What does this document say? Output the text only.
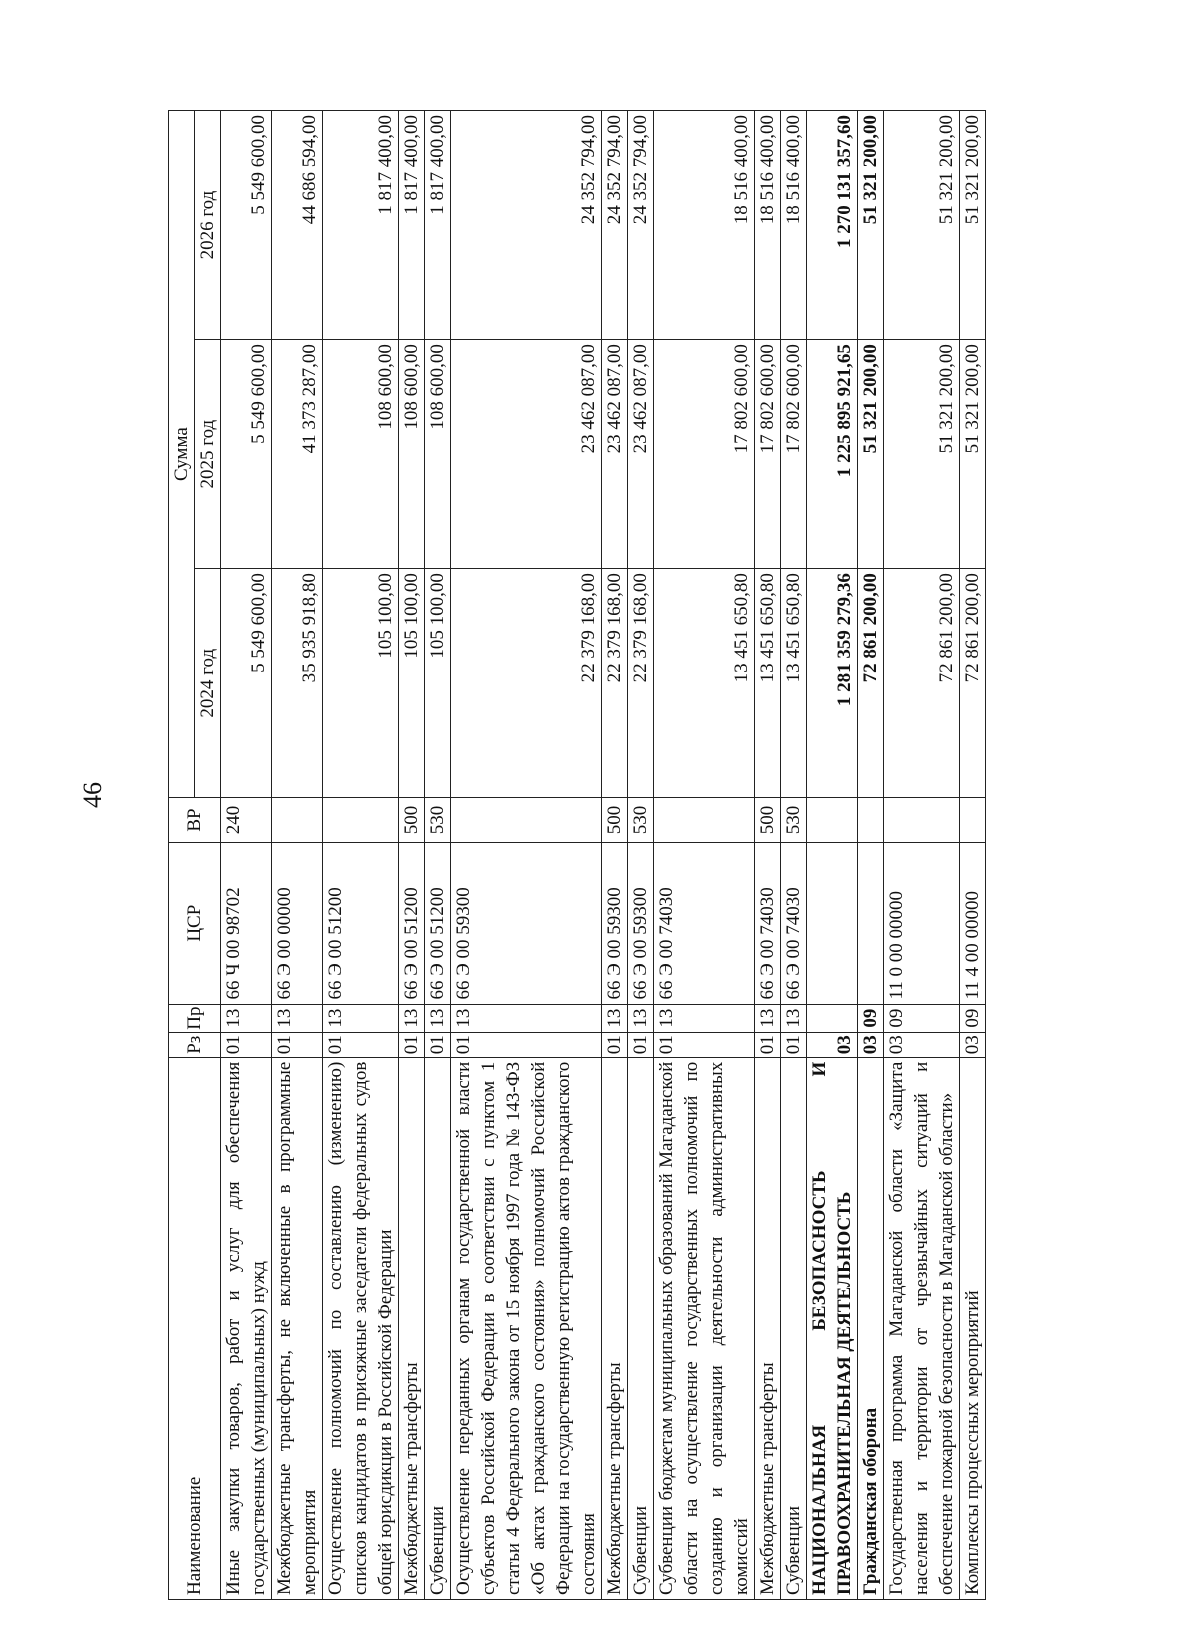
46
Наименование	Рз	Пр	ЦСР	ВР	Сумма		
					2024 год	2025 год	2026 год
Иные закупки товаров, работ и услуг для обеспечения государственных (муниципальных) нужд	01	13	66 Ч 00 98702	240	5 549 600,00	5 549 600,00	5 549 600,00
Межбюджетные трансферты, не включенные в программные мероприятия	01	13	66 Э 00 00000		35 935 918,80	41 373 287,00	44 686 594,00
Осуществление полномочий по составлению (изменению) списков кандидатов в присяжные заседатели федеральных судов общей юрисдикции в Российской Федерации	01	13	66 Э 00 51200		105 100,00	108 600,00	1 817 400,00
Межбюджетные трансферты	01	13	66 Э 00 51200	500	105 100,00	108 600,00	1 817 400,00
Субвенции	01	13	66 Э 00 51200	530	105 100,00	108 600,00	1 817 400,00
Осуществление переданных органам государственной власти субъектов Российской Федерации в соответствии с пунктом 1 статьи 4 Федерального закона от 15 ноября 1997 года № 143-ФЗ «Об актах гражданского состояния» полномочий Российской Федерации на государственную регистрацию актов гражданского состояния	01	13	66 Э 00 59300		22 379 168,00	23 462 087,00	24 352 794,00
Межбюджетные трансферты	01	13	66 Э 00 59300	500	22 379 168,00	23 462 087,00	24 352 794,00
Субвенции	01	13	66 Э 00 59300	530	22 379 168,00	23 462 087,00	24 352 794,00
Субвенции бюджетам муниципальных образований Магаданской области на осуществление государственных полномочий по созданию и организации деятельности административных комиссий	01	13	66 Э 00 74030		13 451 650,80	17 802 600,00	18 516 400,00
Межбюджетные трансферты	01	13	66 Э 00 74030	500	13 451 650,80	17 802 600,00	18 516 400,00
Субвенции	01	13	66 Э 00 74030	530	13 451 650,80	17 802 600,00	18 516 400,00
НАЦИОНАЛЬНАЯ БЕЗОПАСНОСТЬ И ПРАВООХРАНИТЕЛЬНАЯ ДЕЯТЕЛЬНОСТЬ	03				1 281 359 279,36	1 225 895 921,65	1 270 131 357,60
Гражданская оборона	03	09			72 861 200,00	51 321 200,00	51 321 200,00
Государственная программа Магаданской области «Защита населения и территории от чрезвычайных ситуаций и обеспечение пожарной безопасности в Магаданской области»	03	09	11 0 00 00000		72 861 200,00	51 321 200,00	51 321 200,00
Комплексы процессных мероприятий	03	09	11 4 00 00000		72 861 200,00	51 321 200,00	51 321 200,00
